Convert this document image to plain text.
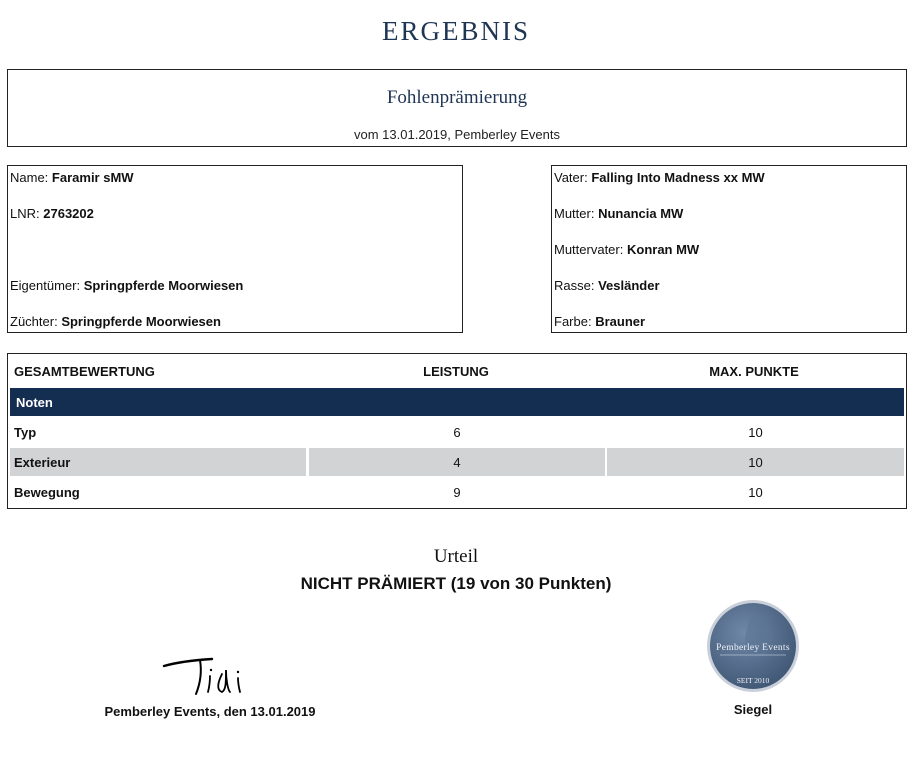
ERGEBNIS
Fohlenprämierung
vom 13.01.2019, Pemberley Events
Name: Faramir sMW
LNR: 2763202
Eigentümer: Springpferde Moorwiesen
Züchter: Springpferde Moorwiesen
Vater: Falling Into Madness xx MW
Mutter: Nunancia MW
Muttervater: Konran MW
Rasse: Vesländer
Farbe: Brauner
GESAMTBEWERTUNG	LEISTUNG	MAX. PUNKTE
Noten
Typ	6	10
Exterieur	4	10
Bewegung	9	10
Urteil
NICHT PRÄMIERT (19 von 30 Punkten)
Pemberley Events, den 13.01.2019
Pemberley Events
SEIT 2010
Siegel
